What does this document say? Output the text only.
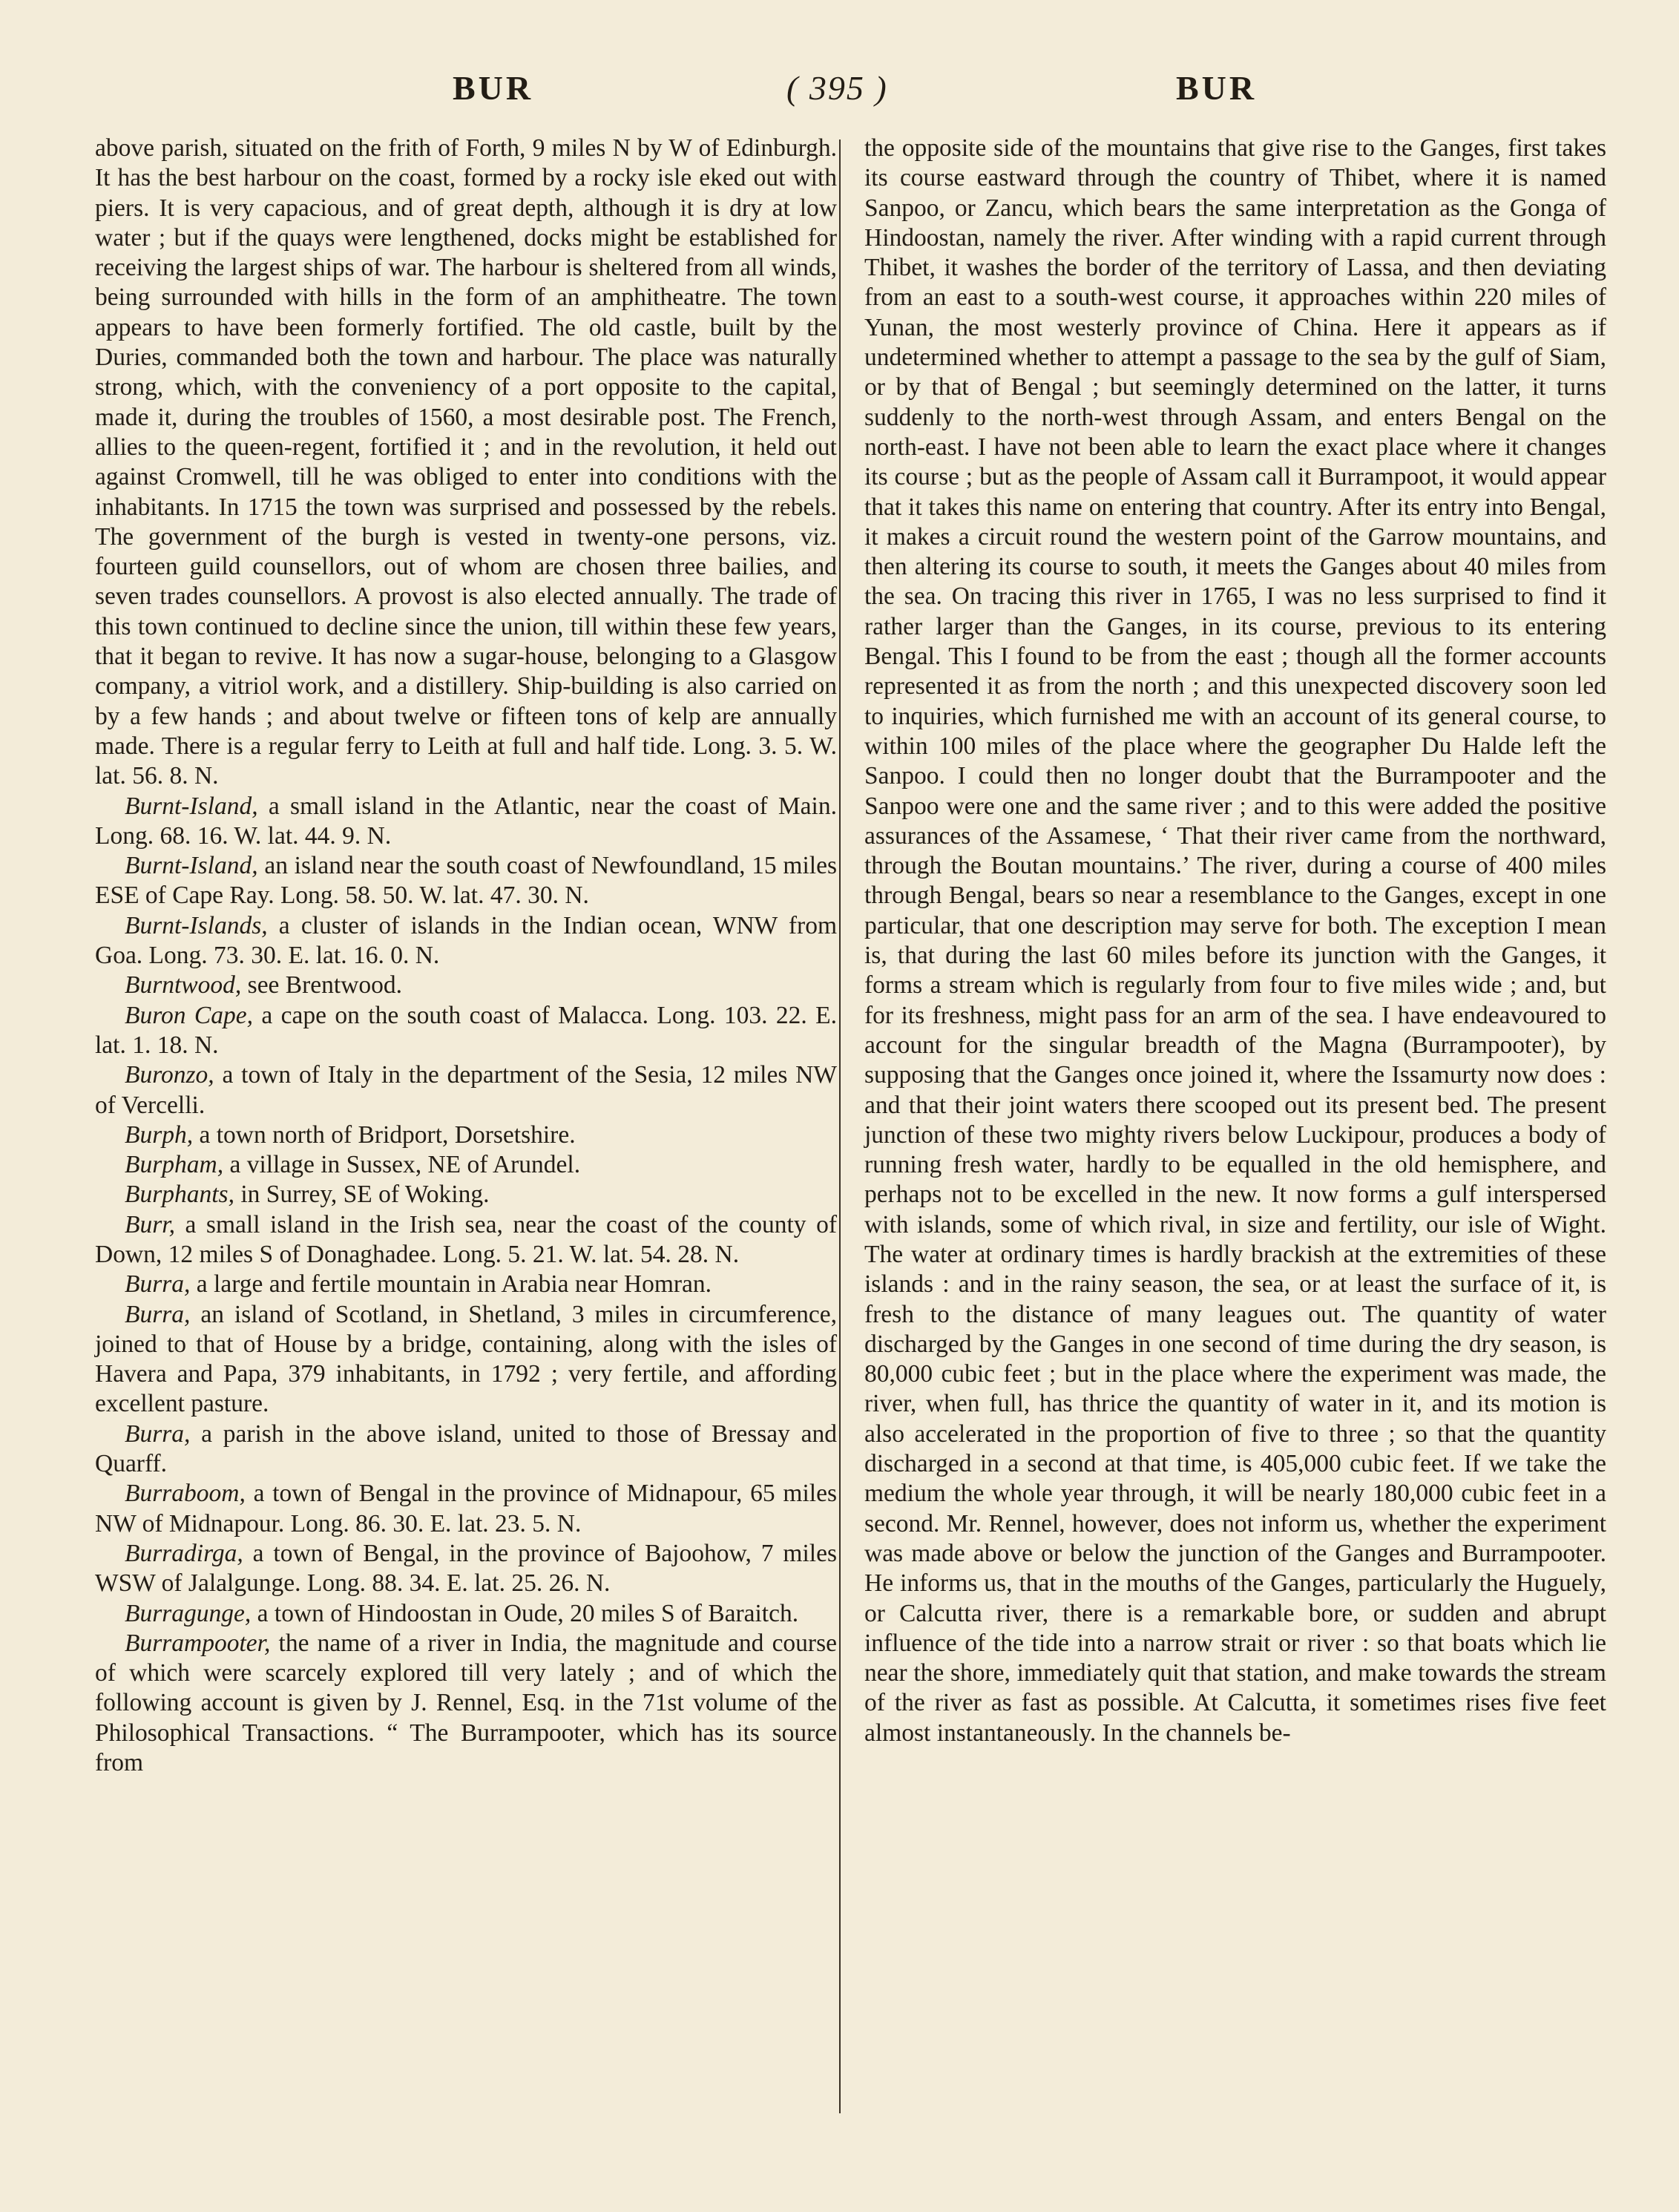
BUR	( 395 )	BUR

above parish, situated on the frith of Forth, 9 miles N by W of Edinburgh. It has the best harbour on the coast, formed by a rocky isle eked out with piers. It is very capacious, and of great depth, although it is dry at low water ; but if the quays were lengthened, docks might be established for receiving the largest ships of war. The harbour is sheltered from all winds, being surrounded with hills in the form of an amphitheatre. The town appears to have been formerly fortified. The old castle, built by the Duries, commanded both the town and harbour. The place was naturally strong, which, with the conveniency of a port opposite to the capital, made it, during the troubles of 1560, a most desirable post. The French, allies to the queen-regent, fortified it ; and in the revolution, it held out against Cromwell, till he was obliged to enter into conditions with the inhabitants. In 1715 the town was surprised and possessed by the rebels. The government of the burgh is vested in twenty-one persons, viz. fourteen guild counsellors, out of whom are chosen three bailies, and seven trades counsellors. A provost is also elected annually. The trade of this town continued to decline since the union, till within these few years, that it began to revive. It has now a sugar-house, belonging to a Glasgow company, a vitriol work, and a distillery. Ship-building is also carried on by a few hands ; and about twelve or fifteen tons of kelp are annually made. There is a regular ferry to Leith at full and half tide. Long. 3. 5. W. lat. 56. 8. N.

Burnt-Island, a small island in the Atlantic, near the coast of Main. Long. 68. 16. W. lat. 44. 9. N.

Burnt-Island, an island near the south coast of Newfoundland, 15 miles ESE of Cape Ray. Long. 58. 50. W. lat. 47. 30. N.

Burnt-Islands, a cluster of islands in the Indian ocean, WNW from Goa. Long. 73. 30. E. lat. 16. 0. N.

Burntwood, see Brentwood.

Buron Cape, a cape on the south coast of Malacca. Long. 103. 22. E. lat. 1. 18. N.

Buronzo, a town of Italy in the department of the Sesia, 12 miles NW of Vercelli.

Burph, a town north of Bridport, Dorsetshire.

Burpham, a village in Sussex, NE of Arundel.

Burphants, in Surrey, SE of Woking.

Burr, a small island in the Irish sea, near the coast of the county of Down, 12 miles S of Donaghadee. Long. 5. 21. W. lat. 54. 28. N.

Burra, a large and fertile mountain in Arabia near Homran.

Burra, an island of Scotland, in Shetland, 3 miles in circumference, joined to that of House by a bridge, containing, along with the isles of Havera and Papa, 379 inhabitants, in 1792 ; very fertile, and affording excellent pasture.

Burra, a parish in the above island, united to those of Bressay and Quarff.

Burraboom, a town of Bengal in the province of Midnapour, 65 miles NW of Midnapour. Long. 86. 30. E. lat. 23. 5. N.

Burradirga, a town of Bengal, in the province of Bajoohow, 7 miles WSW of Jalalgunge. Long. 88. 34. E. lat. 25. 26. N.

Burragunge, a town of Hindoostan in Oude, 20 miles S of Baraitch.

Burrampooter, the name of a river in India, the magnitude and course of which were scarcely explored till very lately ; and of which the following account is given by J. Rennel, Esq. in the 71st volume of the Philosophical Transactions. “ The Burrampooter, which has its source from

the opposite side of the mountains that give rise to the Ganges, first takes its course eastward through the country of Thibet, where it is named Sanpoo, or Zancu, which bears the same interpretation as the Gonga of Hindoostan, namely the river. After winding with a rapid current through Thibet, it washes the border of the territory of Lassa, and then deviating from an east to a south-west course, it approaches within 220 miles of Yunan, the most westerly province of China. Here it appears as if undetermined whether to attempt a passage to the sea by the gulf of Siam, or by that of Bengal ; but seemingly determined on the latter, it turns suddenly to the north-west through Assam, and enters Bengal on the north-east. I have not been able to learn the exact place where it changes its course ; but as the people of Assam call it Burrampoot, it would appear that it takes this name on entering that country. After its entry into Bengal, it makes a circuit round the western point of the Garrow mountains, and then altering its course to south, it meets the Ganges about 40 miles from the sea. On tracing this river in 1765, I was no less surprised to find it rather larger than the Ganges, in its course, previous to its entering Bengal. This I found to be from the east ; though all the former accounts represented it as from the north ; and this unexpected discovery soon led to inquiries, which furnished me with an account of its general course, to within 100 miles of the place where the geographer Du Halde left the Sanpoo. I could then no longer doubt that the Burrampooter and the Sanpoo were one and the same river ; and to this were added the positive assurances of the Assamese, ‘ That their river came from the northward, through the Boutan mountains.’ The river, during a course of 400 miles through Bengal, bears so near a resemblance to the Ganges, except in one particular, that one description may serve for both. The exception I mean is, that during the last 60 miles before its junction with the Ganges, it forms a stream which is regularly from four to five miles wide ; and, but for its freshness, might pass for an arm of the sea. I have endeavoured to account for the singular breadth of the Magna (Burrampooter), by supposing that the Ganges once joined it, where the Issamurty now does : and that their joint waters there scooped out its present bed. The present junction of these two mighty rivers below Luckipour, produces a body of running fresh water, hardly to be equalled in the old hemisphere, and perhaps not to be excelled in the new. It now forms a gulf interspersed with islands, some of which rival, in size and fertility, our isle of Wight. The water at ordinary times is hardly brackish at the extremities of these islands : and in the rainy season, the sea, or at least the surface of it, is fresh to the distance of many leagues out. The quantity of water discharged by the Ganges in one second of time during the dry season, is 80,000 cubic feet ; but in the place where the experiment was made, the river, when full, has thrice the quantity of water in it, and its motion is also accelerated in the proportion of five to three ; so that the quantity discharged in a second at that time, is 405,000 cubic feet. If we take the medium the whole year through, it will be nearly 180,000 cubic feet in a second. Mr. Rennel, however, does not inform us, whether the experiment was made above or below the junction of the Ganges and Burrampooter. He informs us, that in the mouths of the Ganges, particularly the Huguely, or Calcutta river, there is a remarkable bore, or sudden and abrupt influence of the tide into a narrow strait or river : so that boats which lie near the shore, immediately quit that station, and make towards the stream of the river as fast as possible. At Calcutta, it sometimes rises five feet almost instantaneously. In the channels be-
